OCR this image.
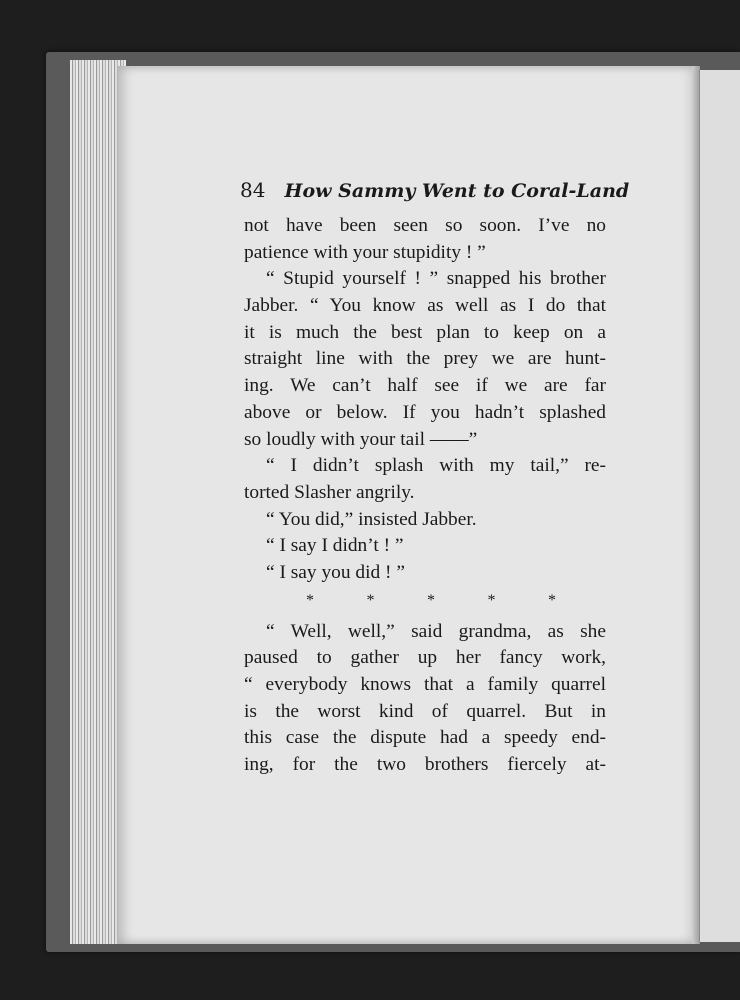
84 How Sammy Went to Coral-Land
not have been seen so soon. I’ve no
patience with your stupidity ! ”
“ Stupid yourself ! ” snapped his brother
Jabber. “ You know as well as I do that
it is much the best plan to keep on a
straight line with the prey we are hunt-
ing. We can’t half see if we are far
above or below. If you hadn’t splashed
so loudly with your tail ——”
“ I didn’t splash with my tail,” re-
torted Slasher angrily.
“ You did,” insisted Jabber.
“ I say I didn’t ! ”
“ I say you did ! ”
* * * * *
“ Well, well,” said grandma, as she
paused to gather up her fancy work,
“ everybody knows that a family quarrel
is the worst kind of quarrel. But in
this case the dispute had a speedy end-
ing, for the two brothers fiercely at-
